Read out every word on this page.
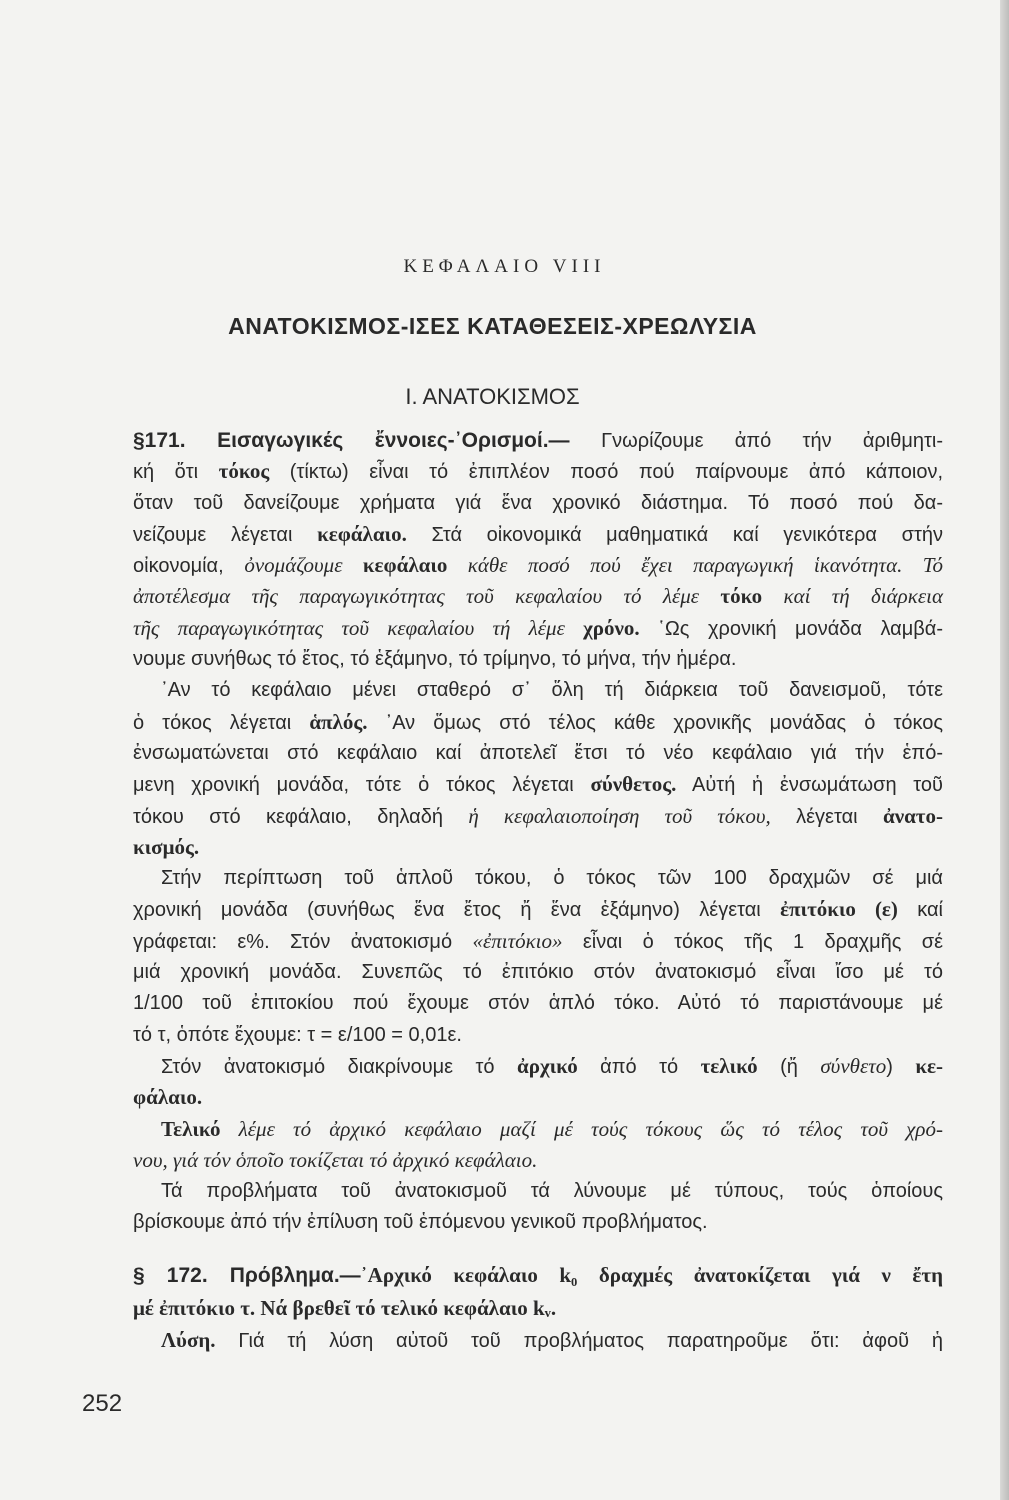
ΚΕΦΑΛΑΙΟ VIII
ΑΝΑΤΟΚΙΣΜΟΣ-ΙΣΕΣ ΚΑΤΑΘΕΣΕΙΣ-ΧΡΕΩΛΥΣΙΑ
Ι. ΑΝΑΤΟΚΙΣΜΟΣ
§171. Εισαγωγικές ἔννοιες-᾽Ορισμοί.— Γνωρίζουμε ἀπό τήν ἀριθμητι-
κή ὅτι τόκος (τίκτω) εἶναι τό ἐπιπλέον ποσό πού παίρνουμε ἀπό κάποιον,
ὅταν τοῦ δανείζουμε χρήματα γιά ἕνα χρονικό διάστημα. Τό ποσό πού δα-
νείζουμε λέγεται κεφάλαιο. Στά οἰκονομικά μαθηματικά καί γενικότερα στήν
οἰκονομία, ὀνομάζουμε κεφάλαιο κάθε ποσό πού ἔχει παραγωγική ἱκανότητα. Τό
ἀποτέλεσμα τῆς παραγωγικότητας τοῦ κεφαλαίου τό λέμε τόκο καί τή διάρκεια
τῆς παραγωγικότητας τοῦ κεφαλαίου τή λέμε χρόνο. ῾Ως χρονική μονάδα λαμβά-
νουμε συνήθως τό ἔτος, τό ἑξάμηνο, τό τρίμηνο, τό μήνα, τήν ἡμέρα.
᾽Αν τό κεφάλαιο μένει σταθερό σ᾽ ὅλη τή διάρκεια τοῦ δανεισμοῦ, τότε
ὁ τόκος λέγεται ἁπλός. ᾽Αν ὅμως στό τέλος κάθε χρονικῆς μονάδας ὁ τόκος
ἐνσωματώνεται στό κεφάλαιο καί ἀποτελεῖ ἔτσι τό νέο κεφάλαιο γιά τήν ἑπό-
μενη χρονική μονάδα, τότε ὁ τόκος λέγεται σύνθετος. Αὐτή ἡ ἐνσωμάτωση τοῦ
τόκου στό κεφάλαιο, δηλαδή ἡ κεφαλαιοποίηση τοῦ τόκου, λέγεται ἀνατο-
κισμός.
Στήν περίπτωση τοῦ ἁπλοῦ τόκου, ὁ τόκος τῶν 100 δραχμῶν σέ μιά
χρονική μονάδα (συνήθως ἕνα ἔτος ἤ ἕνα ἑξάμηνο) λέγεται ἐπιτόκιο (ε) καί
γράφεται: ε%. Στόν ἀνατοκισμό «ἐπιτόκιο» εἶναι ὁ τόκος τῆς 1 δραχμῆς σέ
μιά χρονική μονάδα. Συνεπῶς τό ἐπιτόκιο στόν ἀνατοκισμό εἶναι ἴσο μέ τό
1/100 τοῦ ἐπιτοκίου πού ἔχουμε στόν ἁπλό τόκο. Αὐτό τό παριστάνουμε μέ
τό τ, ὁπότε ἔχουμε: τ = ε/100 = 0,01ε.
Στόν ἀνατοκισμό διακρίνουμε τό ἀρχικό ἀπό τό τελικό (ἤ σύνθετο) κε-
φάλαιο.
Τελικό λέμε τό ἀρχικό κεφάλαιο μαζί μέ τούς τόκους ὥς τό τέλος τοῦ χρό-
νου, γιά τόν ὁποῖο τοκίζεται τό ἀρχικό κεφάλαιο.
Τά προβλήματα τοῦ ἀνατοκισμοῦ τά λύνουμε μέ τύπους, τούς ὁποίους
βρίσκουμε ἀπό τήν ἐπίλυση τοῦ ἑπόμενου γενικοῦ προβλήματος.
§ 172. Πρόβλημα.—᾽Αρχικό κεφάλαιο k₀ δραχμές ἀνατοκίζεται γιά ν ἔτη
μέ ἐπιτόκιο τ. Νά βρεθεῖ τό τελικό κεφάλαιο kᵥ.
Λύση. Γιά τή λύση αὐτοῦ τοῦ προβλήματος παρατηροῦμε ὅτι: ἀφοῦ ἡ
252
